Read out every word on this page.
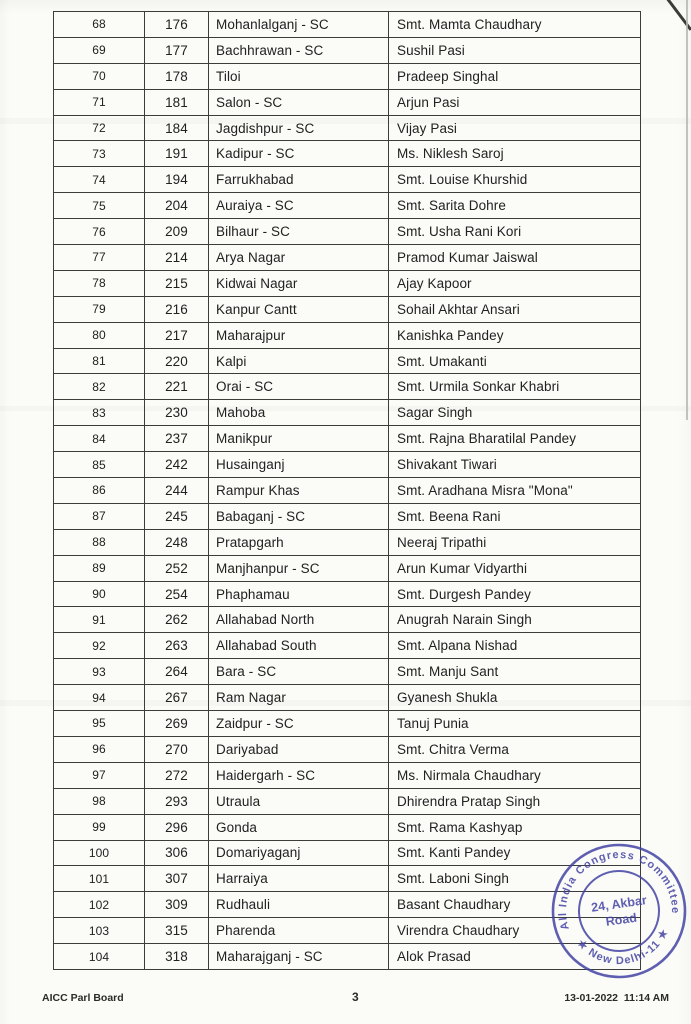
68	176	Mohanlalganj - SC	Smt. Mamta Chaudhary
69	177	Bachhrawan - SC	Sushil Pasi
70	178	Tiloi	Pradeep Singhal
71	181	Salon - SC	Arjun Pasi
72	184	Jagdishpur - SC	Vijay Pasi
73	191	Kadipur - SC	Ms. Niklesh Saroj
74	194	Farrukhabad	Smt. Louise Khurshid
75	204	Auraiya - SC	Smt. Sarita Dohre
76	209	Bilhaur - SC	Smt. Usha Rani Kori
77	214	Arya Nagar	Pramod Kumar Jaiswal
78	215	Kidwai Nagar	Ajay Kapoor
79	216	Kanpur Cantt	Sohail Akhtar Ansari
80	217	Maharajpur	Kanishka Pandey
81	220	Kalpi	Smt. Umakanti
82	221	Orai - SC	Smt. Urmila Sonkar Khabri
83	230	Mahoba	Sagar Singh
84	237	Manikpur	Smt. Rajna Bharatilal Pandey
85	242	Husainganj	Shivakant Tiwari
86	244	Rampur Khas	Smt. Aradhana Misra "Mona"
87	245	Babaganj - SC	Smt. Beena Rani
88	248	Pratapgarh	Neeraj Tripathi
89	252	Manjhanpur - SC	Arun Kumar Vidyarthi
90	254	Phaphamau	Smt. Durgesh Pandey
91	262	Allahabad North	Anugrah Narain Singh
92	263	Allahabad South	Smt. Alpana Nishad
93	264	Bara - SC	Smt. Manju Sant
94	267	Ram Nagar	Gyanesh Shukla
95	269	Zaidpur - SC	Tanuj Punia
96	270	Dariyabad	Smt. Chitra Verma
97	272	Haidergarh - SC	Ms. Nirmala Chaudhary
98	293	Utraula	Dhirendra Pratap Singh
99	296	Gonda	Smt. Rama Kashyap
100	306	Domariyaganj	Smt. Kanti Pandey
101	307	Harraiya	Smt. Laboni Singh
102	309	Rudhauli	Basant Chaudhary
103	315	Pharenda	Virendra Chaudhary
104	318	Maharajganj - SC	Alok Prasad
AICC Parl Board	3	13-01-2022  11:14 AM
All India Congress Committee
★ New Delhi-11 ★
24, Akbar
Road
